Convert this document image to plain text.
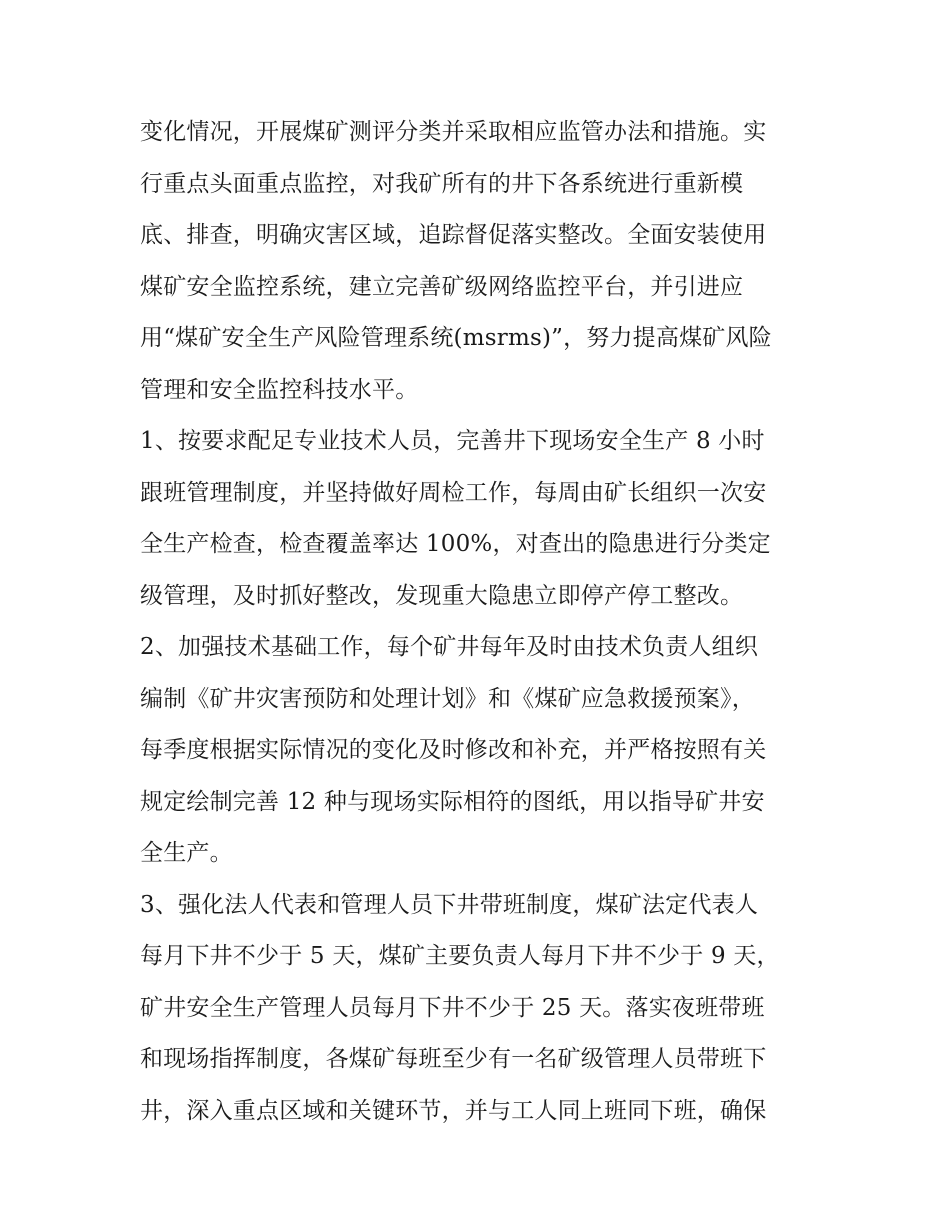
变化情况，开展煤矿测评分类并采取相应监管办法和措施。实
行重点头面重点监控，对我矿所有的井下各系统进行重新模
底、排查，明确灾害区域，追踪督促落实整改。全面安装使用
煤矿安全监控系统，建立完善矿级网络监控平台，并引进应
用“煤矿安全生产风险管理系统(msrms)”，努力提高煤矿风险
管理和安全监控科技水平。
1、按要求配足专业技术人员，完善井下现场安全生产 8 小时
跟班管理制度，并坚持做好周检工作，每周由矿长组织一次安
全生产检查，检查覆盖率达 100%，对查出的隐患进行分类定
级管理，及时抓好整改，发现重大隐患立即停产停工整改。
2、加强技术基础工作，每个矿井每年及时由技术负责人组织
编制《矿井灾害预防和处理计划》和《煤矿应急救援预案》，
每季度根据实际情况的变化及时修改和补充，并严格按照有关
规定绘制完善 12 种与现场实际相符的图纸，用以指导矿井安
全生产。
3、强化法人代表和管理人员下井带班制度，煤矿法定代表人
每月下井不少于 5 天，煤矿主要负责人每月下井不少于 9 天，
矿井安全生产管理人员每月下井不少于 25 天。落实夜班带班
和现场指挥制度，各煤矿每班至少有一名矿级管理人员带班下
井，深入重点区域和关键环节，并与工人同上班同下班，确保
